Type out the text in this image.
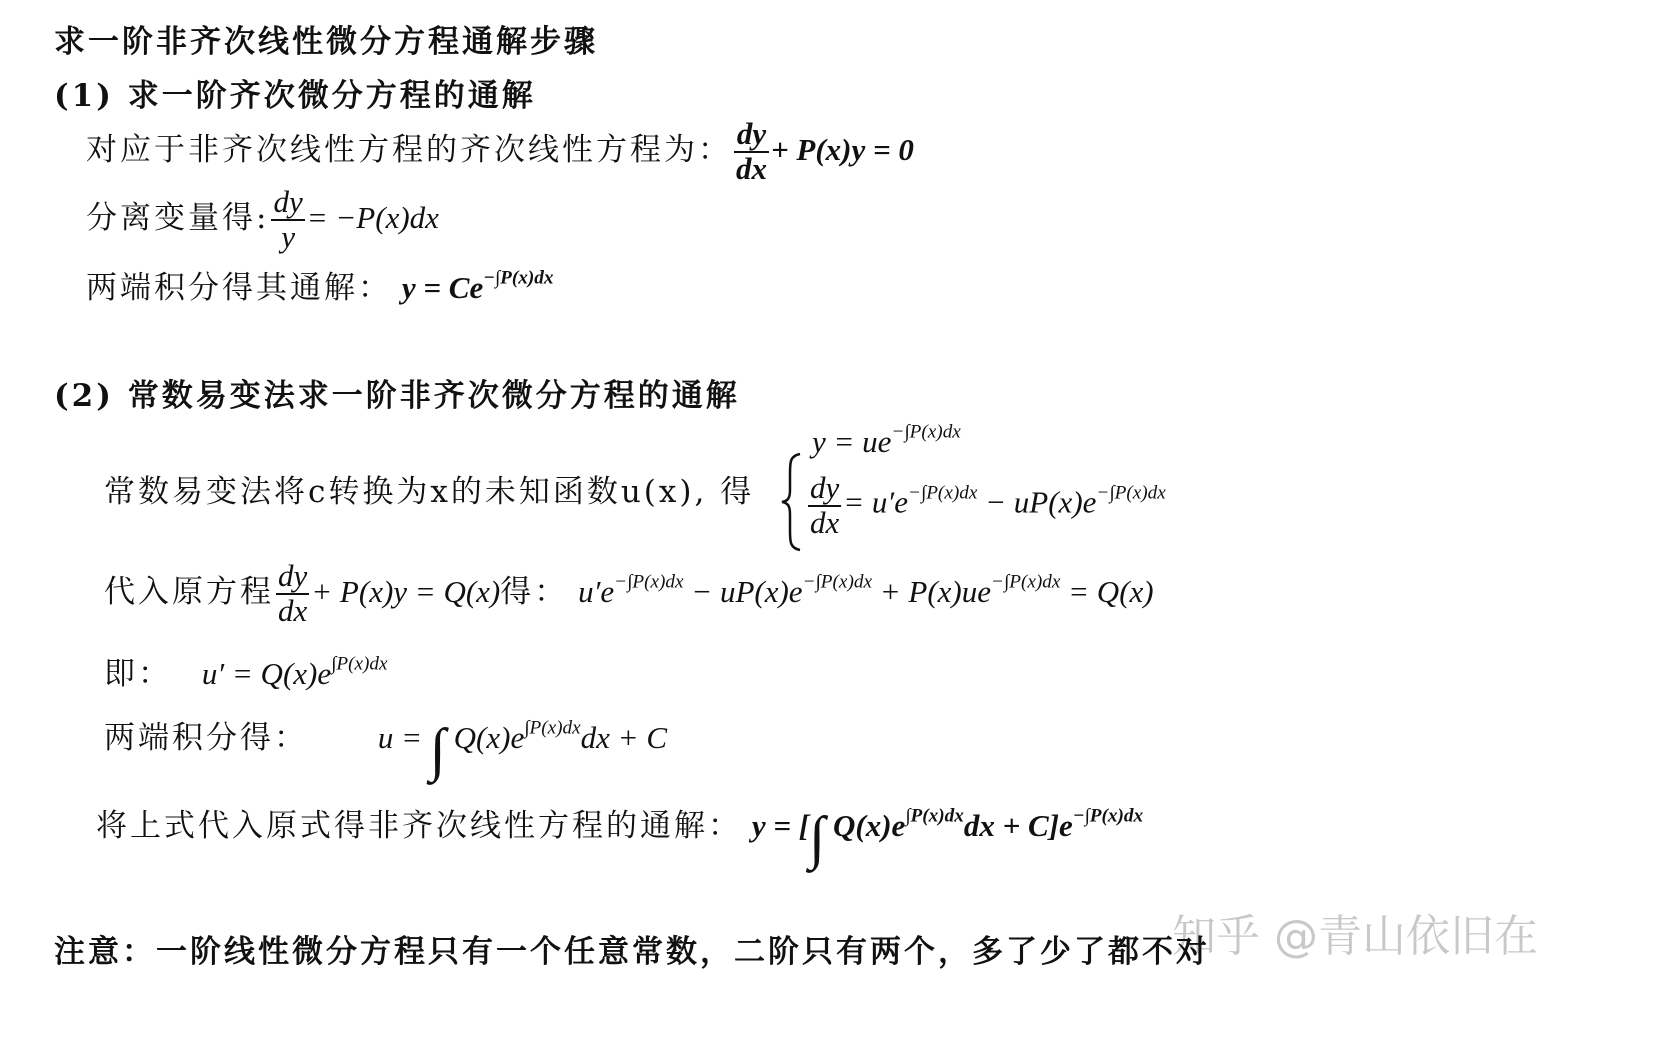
求一阶非齐次线性微分方程通解步骤
(1) 求一阶齐次微分方程的通解
对应于非齐次线性方程的齐次线性方程为： $\frac{dy}{dx} + P(x)y = 0$
分离变量得: $\frac{dy}{y} = -P(x)dx$
两端积分得其通解： $y = Ce^{-\int P(x)dx}$
(2) 常数易变法求一阶非齐次微分方程的通解
常数易变法将c转换为x的未知函数u(x), 得
$y = ue^{-\int P(x)dx}$
$\frac{dy}{dx} = u'e^{-\int P(x)dx} - uP(x)e^{-\int P(x)dx}$
代入原方程 $\frac{dy}{dx} + P(x)y = Q(x)$得： $u'e^{-\int P(x)dx} - uP(x)e^{-\int P(x)dx} + P(x)ue^{-\int P(x)dx} = Q(x)$
即： $u' = Q(x)e^{\int P(x)dx}$
两端积分得： u = ∫ $Q(x)e^{\int P(x)dx}dx + C$
将上式代入原式得非齐次线性方程的通解： y = [∫ $Q(x)e^{\int P(x)dx}dx + C]e^{-\int P(x)dx}$
知乎 @青山依旧在
注意：一阶线性微分方程只有一个任意常数，二阶只有两个，多了少了都不对
